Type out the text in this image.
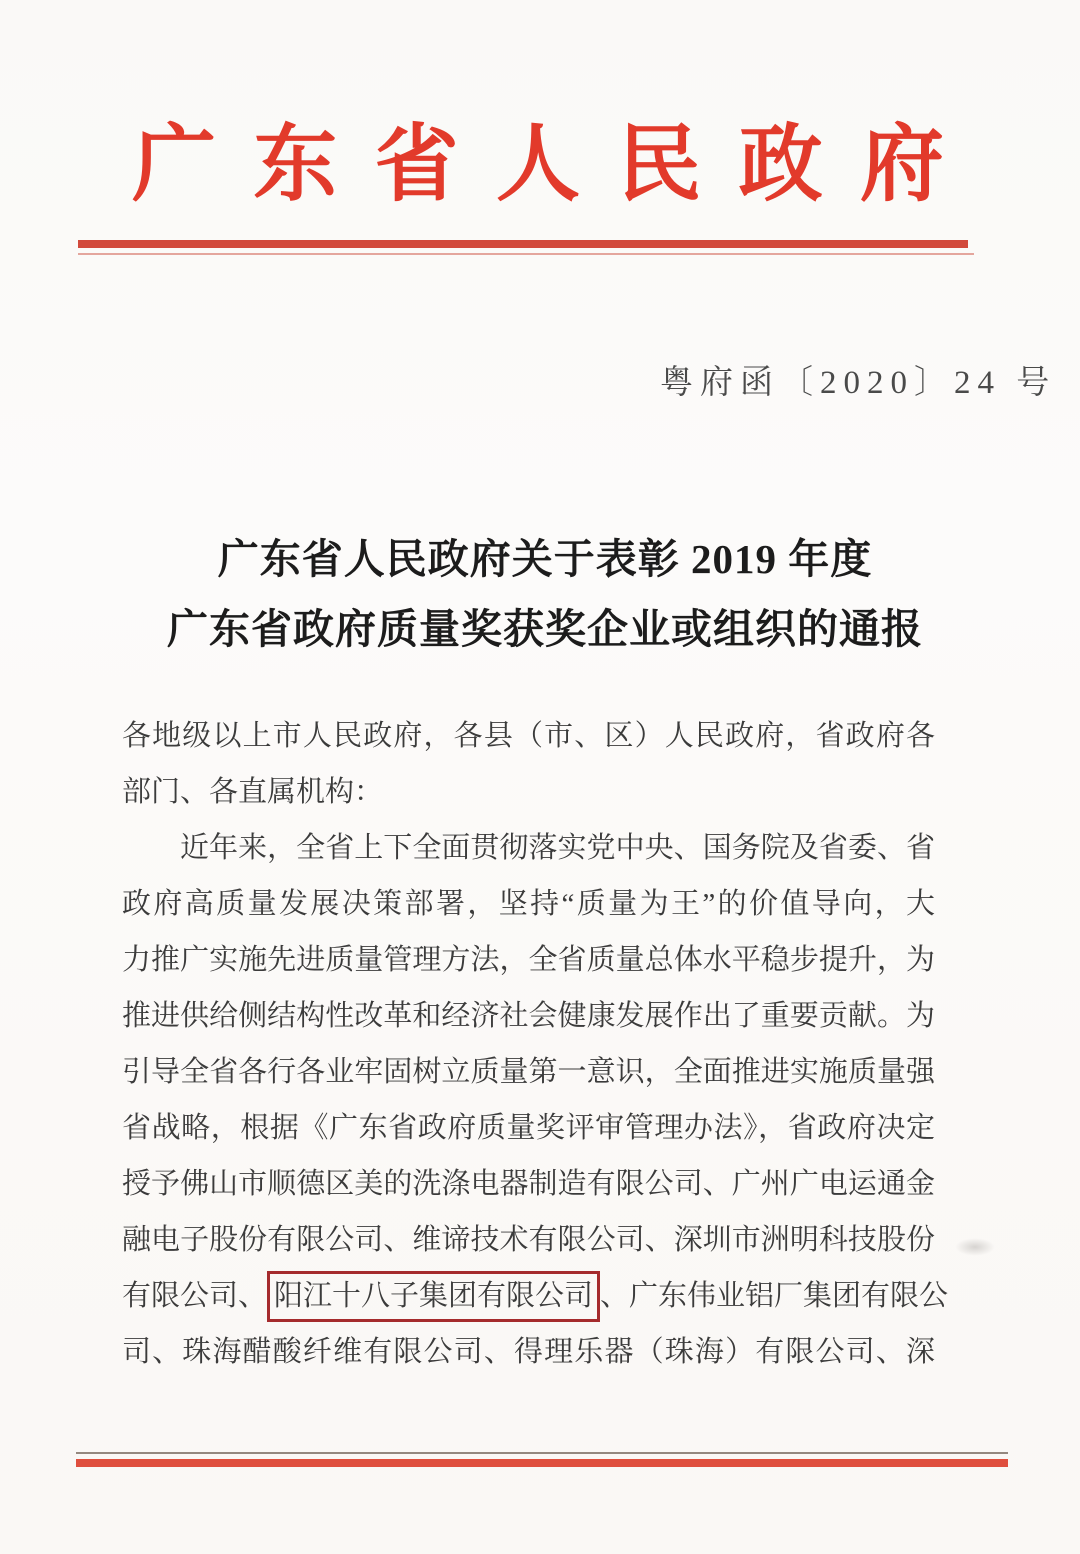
广东省人民政府
粤府函〔2020〕24 号
广东省人民政府关于表彰 2019 年度
广东省政府质量奖获奖企业或组织的通报
各地级以上市人民政府，各县（市、区）人民政府，省政府各
部门、各直属机构：
近年来，全省上下全面贯彻落实党中央、国务院及省委、省
政府高质量发展决策部署，坚持“质量为王”的价值导向，大
力推广实施先进质量管理方法，全省质量总体水平稳步提升，为
推进供给侧结构性改革和经济社会健康发展作出了重要贡献。为
引导全省各行各业牢固树立质量第一意识，全面推进实施质量强
省战略，根据《广东省政府质量奖评审管理办法》，省政府决定
授予佛山市顺德区美的洗涤电器制造有限公司、广州广电运通金
融电子股份有限公司、维谛技术有限公司、深圳市洲明科技股份
有限公司、 阳江十八子集团有限公司 、广东伟业铝厂集团有限公
司、珠海醋酸纤维有限公司、得理乐器（珠海）有限公司、深
